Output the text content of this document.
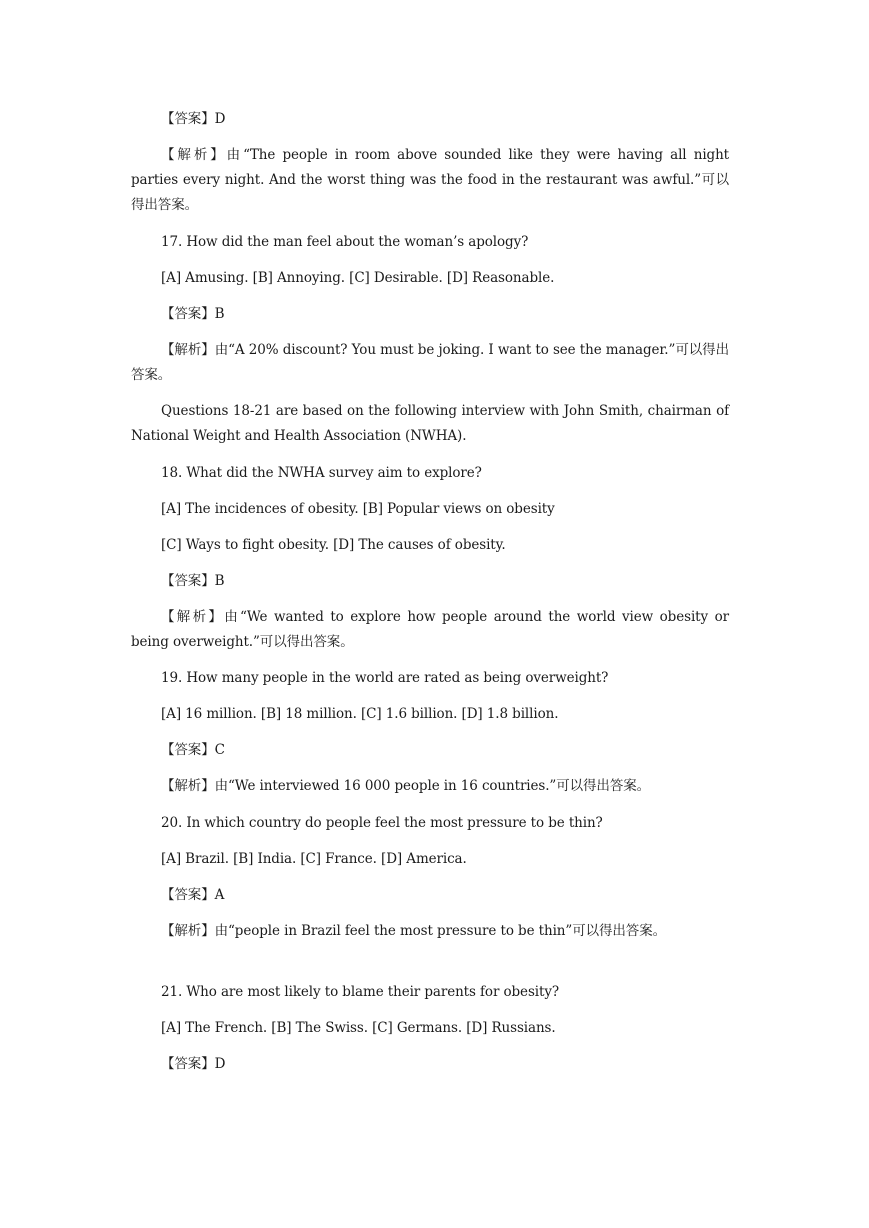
【答案】D

【解析】由“The people in room above sounded like they were having all night parties every night. And the worst thing was the food in the restaurant was awful.”可以得出答案。

17. How did the man feel about the woman’s apology?

[A] Amusing. [B] Annoying. [C] Desirable. [D] Reasonable.

【答案】B

【解析】由“A 20% discount? You must be joking. I want to see the manager.”可以得出答案。

Questions 18-21 are based on the following interview with John Smith, chairman of National Weight and Health Association (NWHA).

18. What did the NWHA survey aim to explore?

[A] The incidences of obesity. [B] Popular views on obesity

[C] Ways to fight obesity. [D] The causes of obesity.

【答案】B

【解析】由“We wanted to explore how people around the world view obesity or being overweight.”可以得出答案。

19. How many people in the world are rated as being overweight?

[A] 16 million. [B] 18 million. [C] 1.6 billion. [D] 1.8 billion.

【答案】C

【解析】由“We interviewed 16 000 people in 16 countries.”可以得出答案。

20. In which country do people feel the most pressure to be thin?

[A] Brazil. [B] India. [C] France. [D] America.

【答案】A

【解析】由“people in Brazil feel the most pressure to be thin”可以得出答案。

21. Who are most likely to blame their parents for obesity?

[A] The French. [B] The Swiss. [C] Germans. [D] Russians.

【答案】D
